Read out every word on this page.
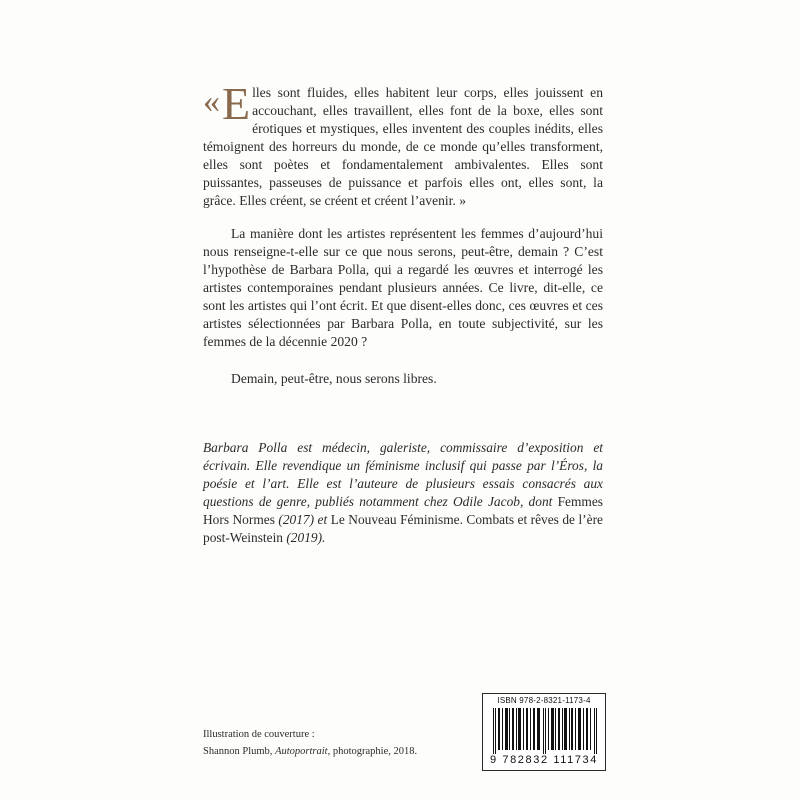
« E lles sont fluides, elles habitent leur corps, elles jouissent en accouchant, elles travaillent, elles font de la boxe, elles sont érotiques et mystiques, elles inventent des couples inédits, elles témoignent des horreurs du monde, de ce monde qu’elles transforment, elles sont poètes et fondamentalement ambivalentes. Elles sont puissantes, passeuses de puissance et parfois elles ont, elles sont, la grâce. Elles créent, se créent et créent l’avenir. »

La manière dont les artistes représentent les femmes d’aujourd’hui nous renseigne-t-elle sur ce que nous serons, peut-être, demain ? C’est l’hypothèse de Barbara Polla, qui a regardé les œuvres et interrogé les artistes contemporaines pendant plusieurs années. Ce livre, dit-elle, ce sont les artistes qui l’ont écrit. Et que disent-elles donc, ces œuvres et ces artistes sélectionnées par Barbara Polla, en toute subjectivité, sur les femmes de la décennie 2020 ?

Demain, peut-être, nous serons libres.

Barbara Polla est médecin, galeriste, commissaire d’exposition et écrivain. Elle revendique un féminisme inclusif qui passe par l’Éros, la poésie et l’art. Elle est l’auteure de plusieurs essais consacrés aux questions de genre, publiés notamment chez Odile Jacob, dont Femmes Hors Normes (2017) et Le Nouveau Féminisme. Combats et rêves de l’ère post-Weinstein (2019).

Illustration de couverture :
Shannon Plumb, Autoportrait, photographie, 2018.
ISBN 978-2-8321-1173-4
9 782832 111734
